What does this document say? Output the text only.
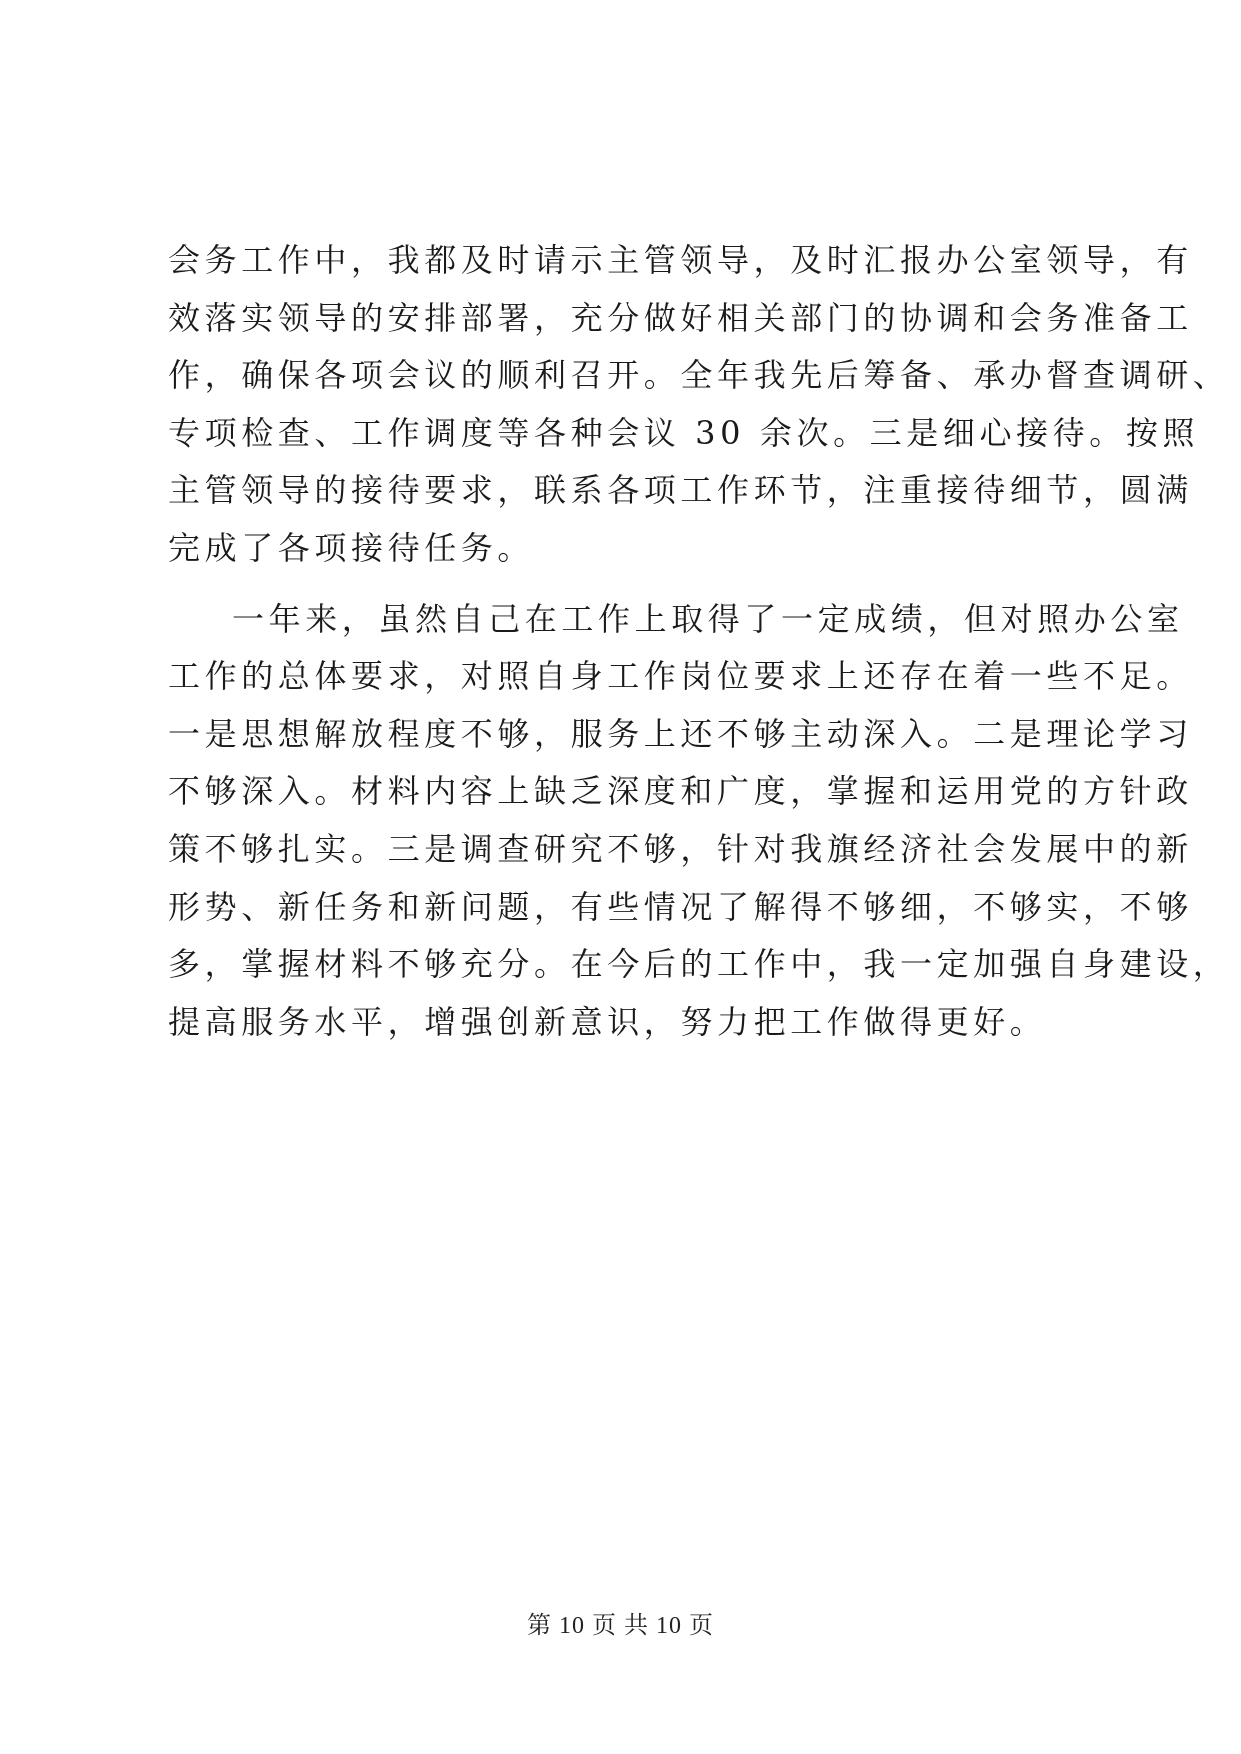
会务工作中，我都及时请示主管领导，及时汇报办公室领导，有
效落实领导的安排部署，充分做好相关部门的协调和会务准备工
作，确保各项会议的顺利召开。全年我先后筹备、承办督查调研、
专项检查、工作调度等各种会议 30 余次。三是细心接待。按照
主管领导的接待要求，联系各项工作环节，注重接待细节，圆满
完成了各项接待任务。
一年来，虽然自己在工作上取得了一定成绩，但对照办公室
工作的总体要求，对照自身工作岗位要求上还存在着一些不足。
一是思想解放程度不够，服务上还不够主动深入。二是理论学习
不够深入。材料内容上缺乏深度和广度，掌握和运用党的方针政
策不够扎实。三是调查研究不够，针对我旗经济社会发展中的新
形势、新任务和新问题，有些情况了解得不够细，不够实，不够
多，掌握材料不够充分。在今后的工作中，我一定加强自身建设，
提高服务水平，增强创新意识，努力把工作做得更好。
第 10 页 共 10 页
